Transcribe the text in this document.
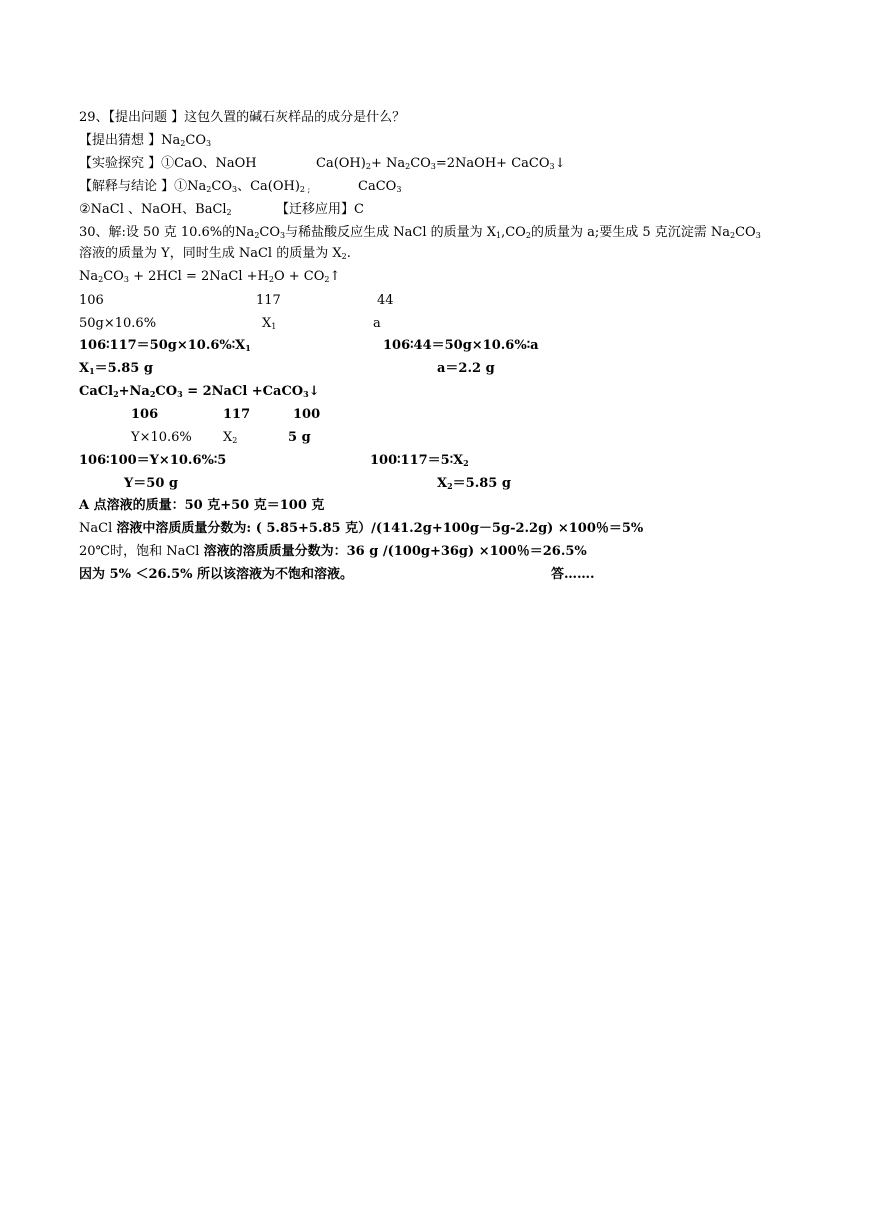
29、【提出问题 】这包久置的碱石灰样品的成分是什么？
【提出猜想 】$Na_2CO_3$
【实验探究 】①CaO、NaOH	$Ca(OH)_2+$ $Na_2CO_3=2NaOH+$ CaCO$_3$↓
【解释与结论 】$①Na_2CO_3$、$Ca(OH)_{2 ;}$	CaCO$_3$
②NaCl 、NaOH、BaCl$_2$	【迁移应用】C
30、解:设 50 克 10.6%的$Na_2CO_3$与稀盐酸反应生成 NaCl 的质量为 $X_1,CO_2$的质量为 a;要生成 5 克沉淀需 $Na_2CO_3$
溶液的质量为 Y，同时生成 NaCl 的质量为 $X_2$.
$Na_2CO_3 + 2HCl$ = 2NaCl $+H_2O$ + $CO_2↑$
106	117	44
50g×10.6%	$X_1$	a
$106∶117=50g\times 10.6\%∶X_1$	106∶44＝50g×10.6%∶a
$X_1=5.85$ g	a＝2.2 g
$CaCl_2+Na_2CO_3$ = 2NaCl +CaCO$_3$↓
106	117	100
Y×10.6% $X_2$	5 g
106∶100＝Y×10.6%∶5	$100∶117=5∶X_2$
Y＝50 g	$X_2=5.85$ g
A 点溶液的质量：50 克+50 克＝100 克
NaCl 溶液中溶质质量分数为: ( 5.85+5.85 克）/(141.2g+100g－5g-2.2g) ×100％＝5%
20℃时，饱和 NaCl 溶液的溶质质量分数为：36 g /(100g+36g) ×100％＝26.5%
因为 5% ＜26.5% 所以该溶液为不饱和溶液。	答…….
